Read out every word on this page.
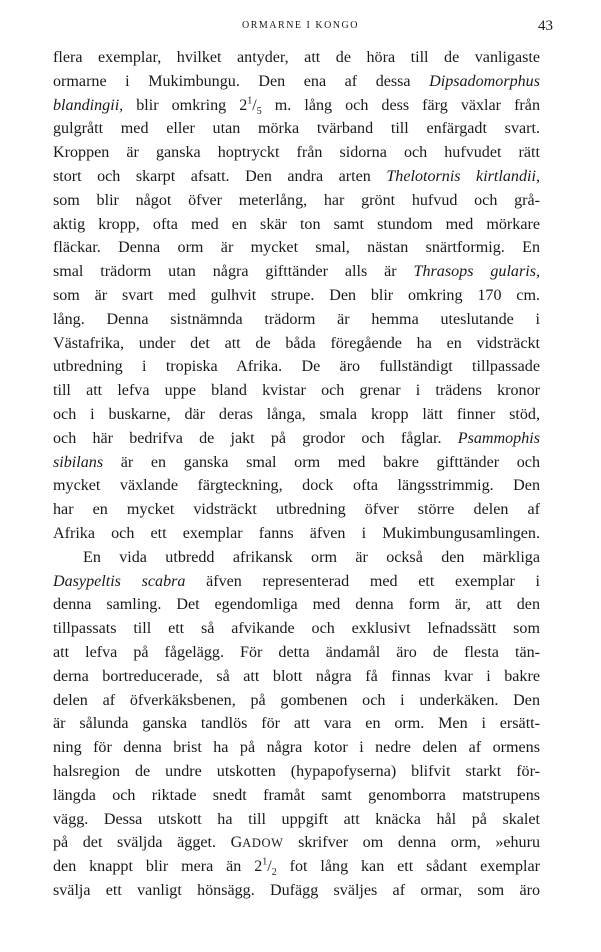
ORMARNE I KONGO	43
flera exemplar, hvilket antyder, att de höra till de vanligaste
ormarne i Mukimbungu. Den ena af dessa Dipsadomorphus
blandingii, blir omkring $2^1/_5$ m. lång och dess färg växlar från
gulgrått med eller utan mörka tvärband till enfärgadt svart.
Kroppen är ganska hoptryckt från sidorna och hufvudet rätt
stort och skarpt afsatt. Den andra arten Thelotornis kirtlandii,
som blir något öfver meterlång, har grönt hufvud och grå-
aktig kropp, ofta med en skär ton samt stundom med mörkare
fläckar. Denna orm är mycket smal, nästan snärtformig. En
smal trädorm utan några gifttänder alls är Thrasops gularis,
som är svart med gulhvit strupe. Den blir omkring 170 cm.
lång. Denna sistnämnda trädorm är hemma uteslutande i
Västafrika, under det att de båda föregående ha en vidsträckt
utbredning i tropiska Afrika. De äro fullständigt tillpassade
till att lefva uppe bland kvistar och grenar i trädens kronor
och i buskarne, där deras långa, smala kropp lätt finner stöd,
och här bedrifva de jakt på grodor och fåglar. Psammophis
sibilans är en ganska smal orm med bakre gifttänder och
mycket växlande färgteckning, dock ofta längsstrimmig. Den
har en mycket vidsträckt utbredning öfver större delen af
Afrika och ett exemplar fanns äfven i Mukimbungusamlingen.
En vida utbredd afrikansk orm är också den märkliga
Dasypeltis scabra äfven representerad med ett exemplar i
denna samling. Det egendomliga med denna form är, att den
tillpassats till ett så afvikande och exklusivt lefnadssätt som
att lefva på fågelägg. För detta ändamål äro de flesta tän-
derna bortreducerade, så att blott några få finnas kvar i bakre
delen af öfverkäksbenen, på gombenen och i underkäken. Den
är sålunda ganska tandlös för att vara en orm. Men i ersätt-
ning för denna brist ha på några kotor i nedre delen af ormens
halsregion de undre utskotten (hypapofyserna) blifvit starkt för-
längda och riktade snedt framåt samt genomborra matstrupens
vägg. Dessa utskott ha till uppgift att knäcka hål på skalet
på det sväljda ägget. GADOW skrifver om denna orm, »ehuru
den knappt blir mera än $2^1/_2$ fot lång kan ett sådant exemplar
svälja ett vanligt hönsägg. Dufägg sväljes af ormar, som äro
